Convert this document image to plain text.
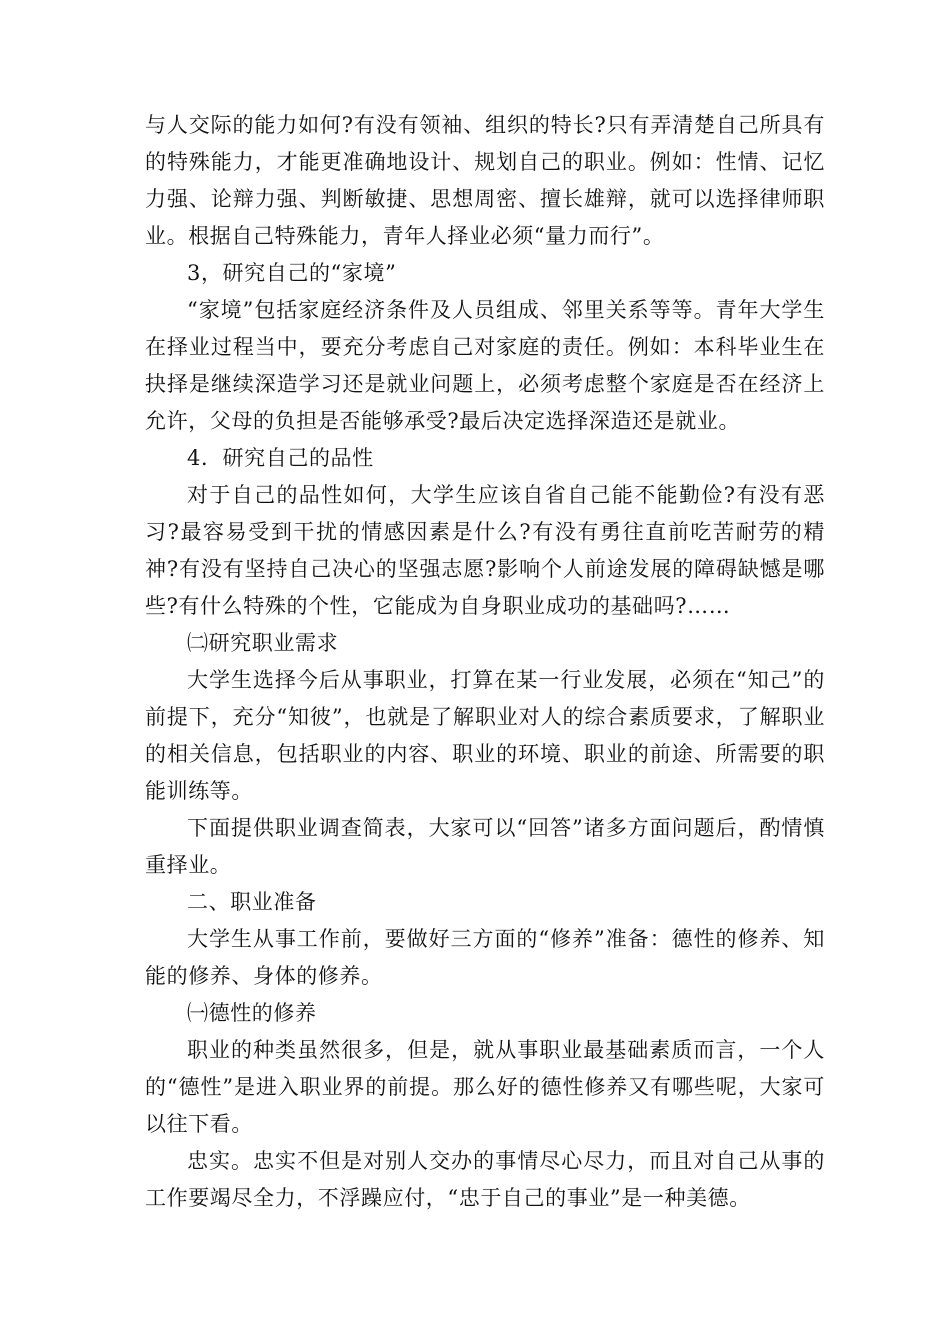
与人交际的能力如何?有没有领袖、组织的特长?只有弄清楚自己所具有的特殊能力，才能更准确地设计、规划自己的职业。例如：性情、记忆力强、论辩力强、判断敏捷、思想周密、擅长雄辩，就可以选择律师职业。根据自己特殊能力，青年人择业必须“量力而行”。

3，研究自己的“家境”

“家境”包括家庭经济条件及人员组成、邻里关系等等。青年大学生在择业过程当中，要充分考虑自己对家庭的责任。例如：本科毕业生在抉择是继续深造学习还是就业问题上，必须考虑整个家庭是否在经济上允许，父母的负担是否能够承受?最后决定选择深造还是就业。

4．研究自己的品性

对于自己的品性如何，大学生应该自省自己能不能勤俭?有没有恶习?最容易受到干扰的情感因素是什么?有没有勇往直前吃苦耐劳的精神?有没有坚持自己决心的坚强志愿?影响个人前途发展的障碍缺憾是哪些?有什么特殊的个性，它能成为自身职业成功的基础吗?……

㈡研究职业需求

大学生选择今后从事职业，打算在某一行业发展，必须在“知己”的前提下，充分“知彼”，也就是了解职业对人的综合素质要求，了解职业的相关信息，包括职业的内容、职业的环境、职业的前途、所需要的职能训练等。

下面提供职业调查简表，大家可以“回答”诸多方面问题后，酌情慎重择业。

二、职业准备

大学生从事工作前，要做好三方面的“修养”准备：德性的修养、知能的修养、身体的修养。

㈠德性的修养

职业的种类虽然很多，但是，就从事职业最基础素质而言，一个人的“德性”是进入职业界的前提。那么好的德性修养又有哪些呢，大家可以往下看。

忠实。忠实不但是对别人交办的事情尽心尽力，而且对自己从事的工作要竭尽全力，不浮躁应付，“忠于自己的事业”是一种美德。
